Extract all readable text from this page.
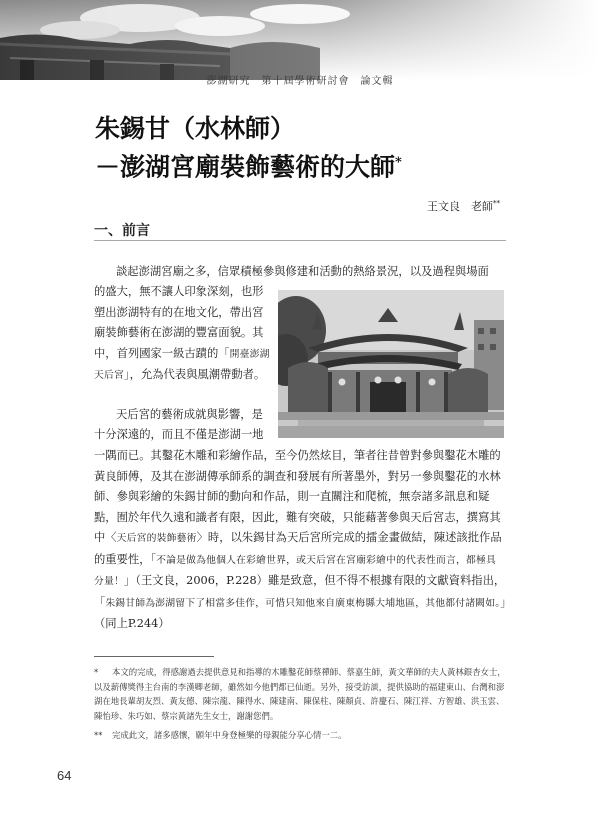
澎湖研究　第十屆學術研討會　論文輯
朱錫甘（水林師）
－澎湖宮廟裝飾藝術的大師*
王文良　老師**
一、前言
談起澎湖宮廟之多，信眾積極參與修建和活動的熱絡景況，以及過程與場面
的盛大，無不讓人印象深刻，也形
塑出澎湖特有的在地文化，帶出宮
廟裝飾藝術在澎湖的豐富面貌。其
中，首列國家一級古蹟的「開臺澎湖天后宮」，允為代表與風潮帶動者。
天后宮的藝術成就與影響，是
十分深遠的，而且不僅是澎湖一地
一隅而已。其鑿花木雕和彩繪作品，至今仍然炫目，筆者往昔曾對參與鑿花木雕的黃良師傅，及其在澎湖傳承師系的調查和發展有所著墨外，對另一參與鑿花的水林師、參與彩繪的朱錫甘師的動向和作品，則一直關注和爬梳，無奈諸多訊息和疑點，囿於年代久遠和識者有限，因此，難有突破，只能藉著參與天后宮志，撰寫其中〈天后宮的裝飾藝術〉時，以朱錫甘為天后宮所完成的擂金畫做結，陳述該批作品的重要性，「不論是做為他個人在彩繪世界，或天后宮在宮廟彩繪中的代表性而言，都極具分量！」（王文良，2006，P.228）雖是致意，但不得不根據有限的文獻資料指出，「朱錫甘師為澎湖留下了相當多佳作，可惜只知他來自廣東梅縣大埔地區，其他都付諸闕如。」（同上P.244）
* 本文的完成，得感謝過去提供意見和指導的木雕鑿花師蔡禪師、蔡嘉生師，黃文華師的夫人黃林銀杏女士，以及薪傳獎得主台南的李漢卿老師，雖然如今他們都已仙逝。另外，接受訪談，提供協助的福建東山、台灣和澎湖在地長輩胡友烈、黃友德、陳宗龍、陳得水、陳建南、陳保柱、陳顏貞、許慶石、陳江祥、方智雄、洪玉雲、陳怡珍、朱巧如、蔡宗黃諸先生女士，謝謝您們。
** 完成此文，諸多感懷，願年中身登極樂的母親能分享心情一二。
64
